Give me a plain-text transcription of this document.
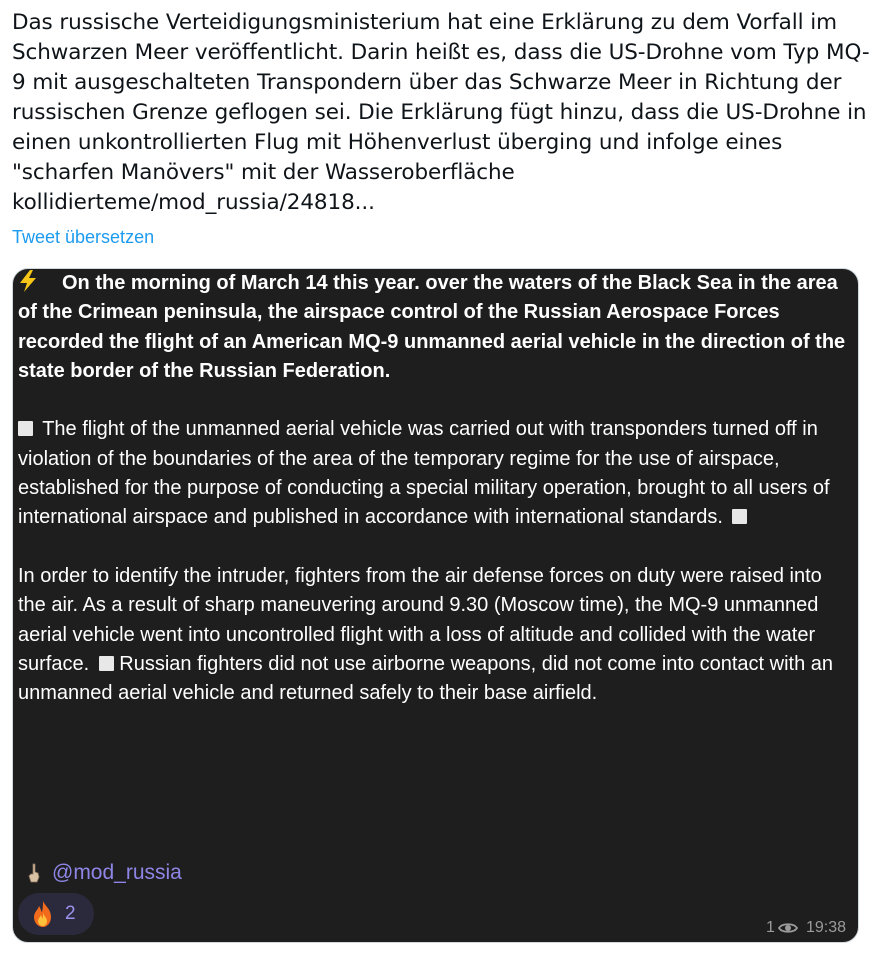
Das russische Verteidigungsministerium hat eine Erklärung zu dem Vorfall im Schwarzen Meer veröffentlicht. Darin heißt es, dass die US-Drohne vom Typ MQ-9 mit ausgeschalteten Transpondern über das Schwarze Meer in Richtung der russischen Grenze geflogen sei. Die Erklärung fügt hinzu, dass die US-Drohne in einen unkontrollierten Flug mit Höhenverlust überging und infolge eines "scharfen Manövers" mit der Wasseroberfläche kollidierteme/mod_russia/24818...
Tweet übersetzen

On the morning of March 14 this year. over the waters of the Black Sea in the area of the Crimean peninsula, the airspace control of the Russian Aerospace Forces recorded the flight of an American MQ-9 unmanned aerial vehicle in the direction of the state border of the Russian Federation.

The flight of the unmanned aerial vehicle was carried out with transponders turned off in violation of the boundaries of the area of the temporary regime for the use of airspace, established for the purpose of conducting a special military operation, brought to all users of international airspace and published in accordance with international standards.

In order to identify the intruder, fighters from the air defense forces on duty were raised into the air. As a result of sharp maneuvering around 9.30 (Moscow time), the MQ-9 unmanned aerial vehicle went into uncontrolled flight with a loss of altitude and collided with the water surface. Russian fighters did not use airborne weapons, did not come into contact with an unmanned aerial vehicle and returned safely to their base airfield.

@mod_russia
2
1 19:38
